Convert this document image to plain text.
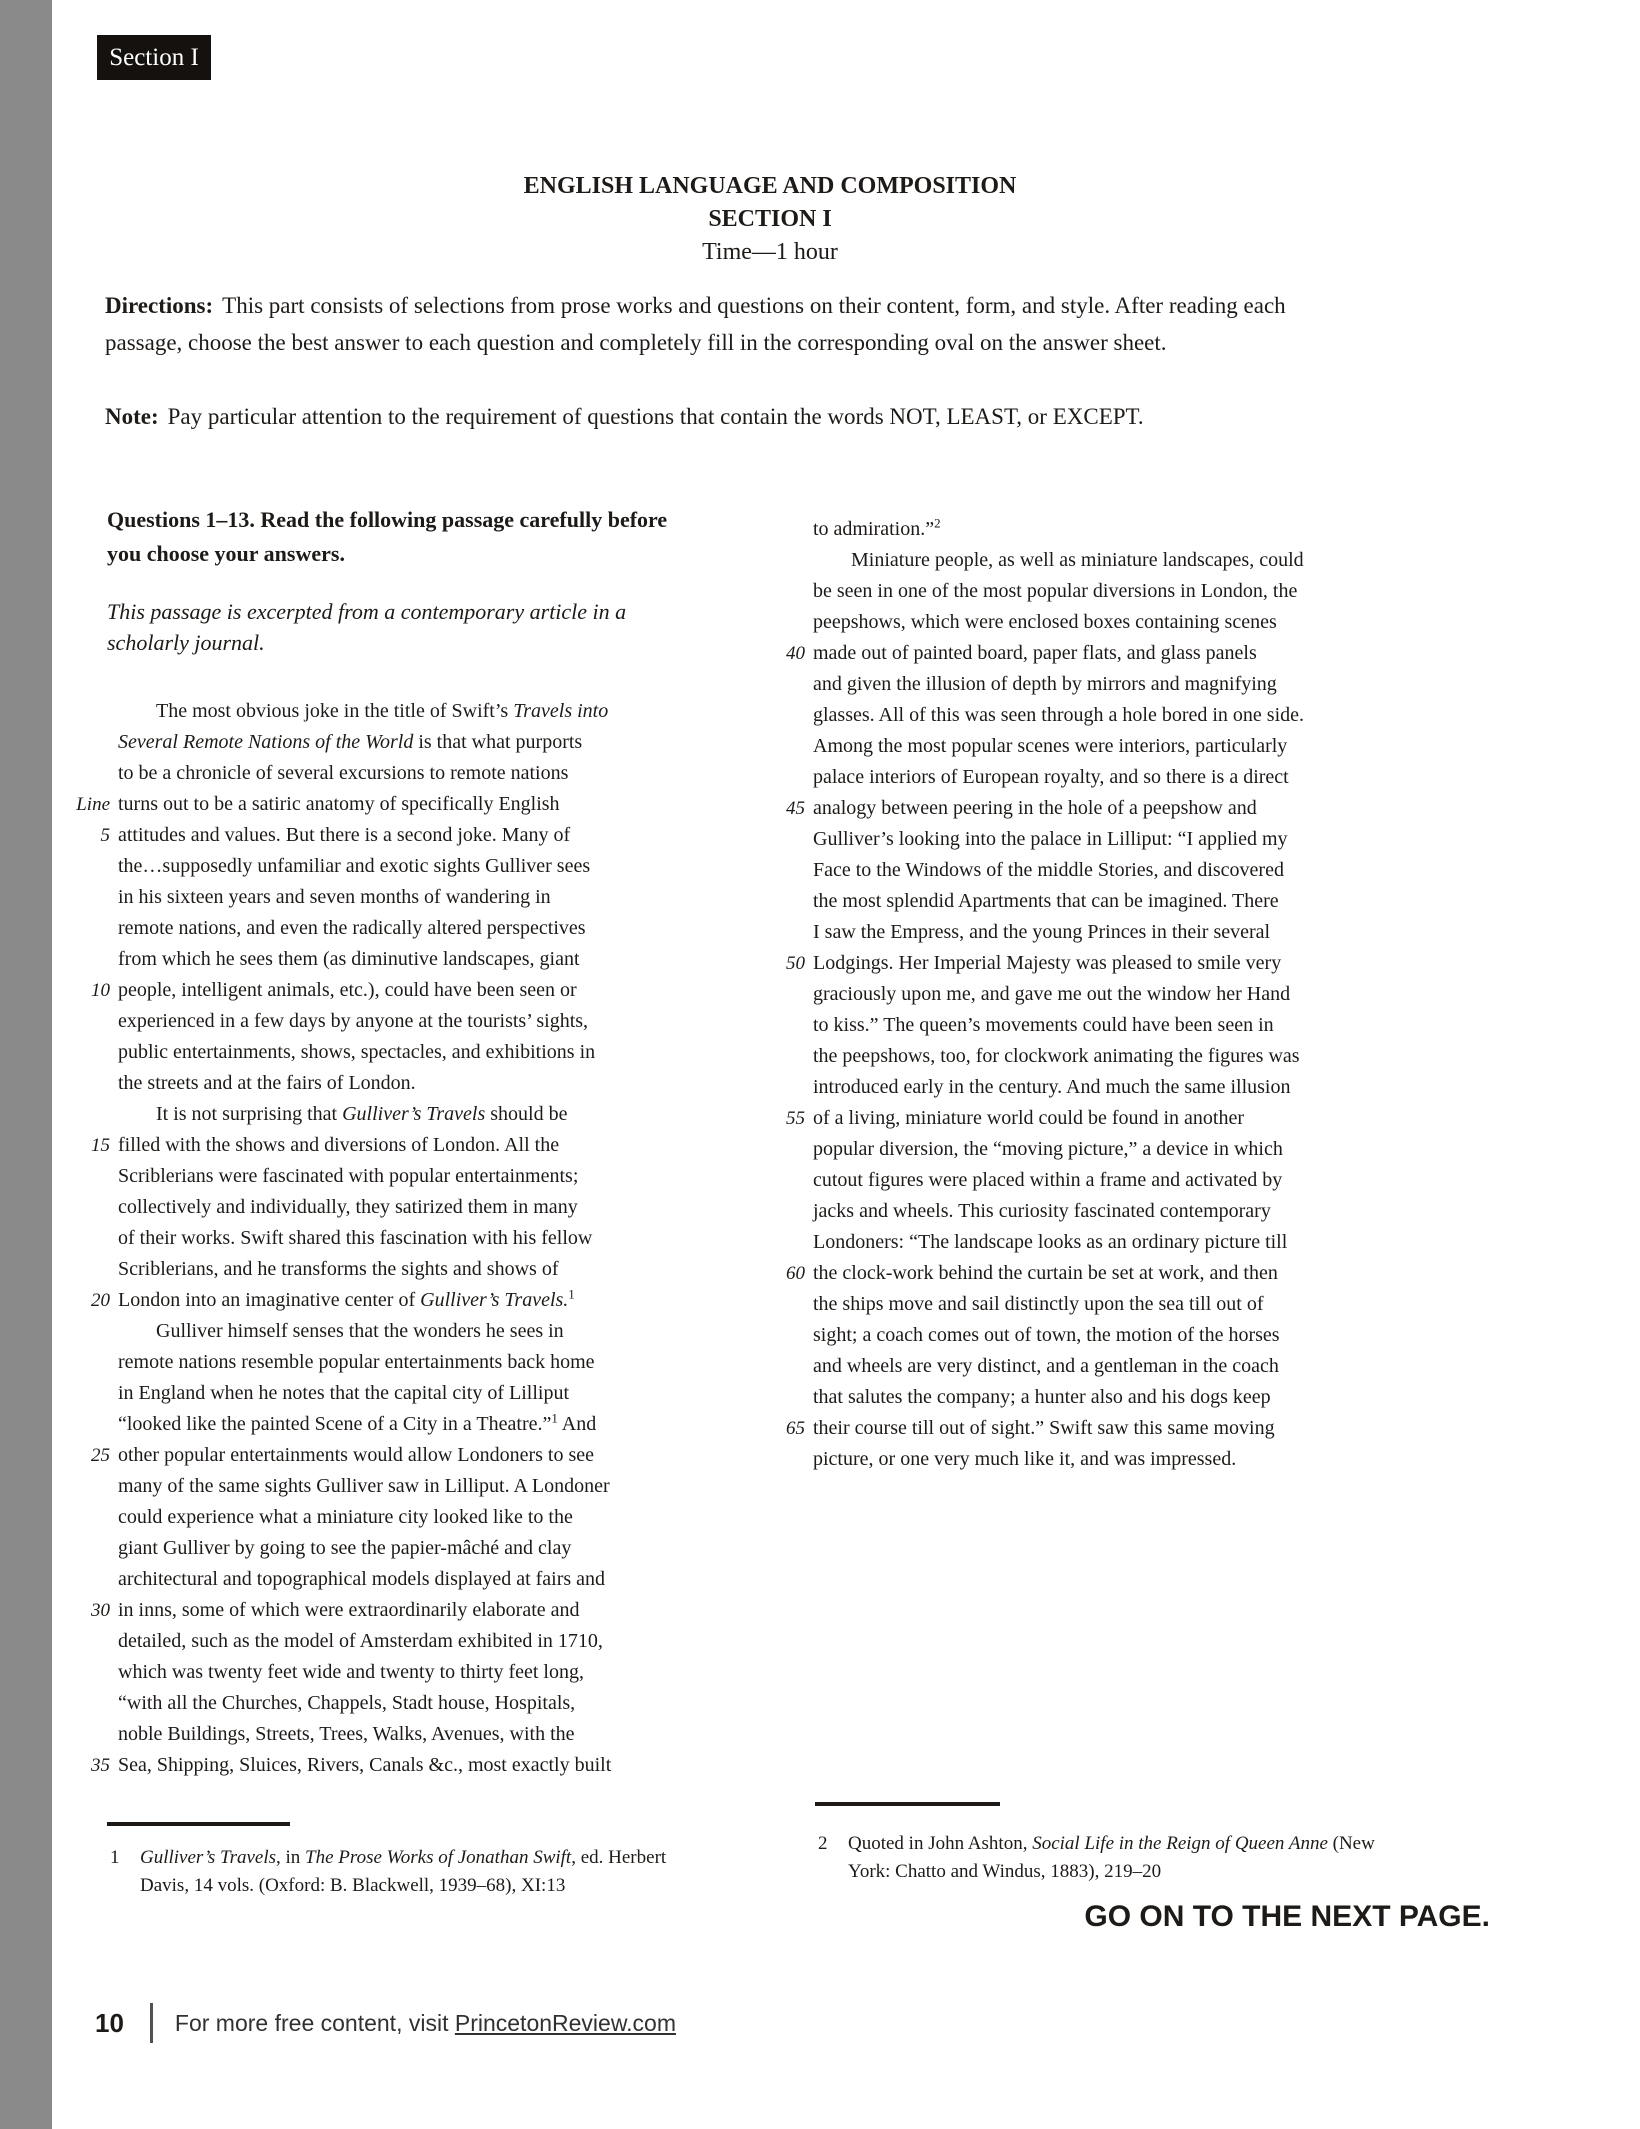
Section I
ENGLISH LANGUAGE AND COMPOSITION
SECTION I
Time—1 hour
Directions: This part consists of selections from prose works and questions on their content, form, and style. After reading each
passage, choose the best answer to each question and completely fill in the corresponding oval on the answer sheet.
Note: Pay particular attention to the requirement of questions that contain the words NOT, LEAST, or EXCEPT.
Questions 1–13. Read the following passage carefully before
you choose your answers.
This passage is excerpted from a contemporary article in a
scholarly journal.
The most obvious joke in the title of Swift’s Travels into
Several Remote Nations of the World is that what purports
to be a chronicle of several excursions to remote nations
Line turns out to be a satiric anatomy of specifically English
5 attitudes and values. But there is a second joke. Many of
the…supposedly unfamiliar and exotic sights Gulliver sees
in his sixteen years and seven months of wandering in
remote nations, and even the radically altered perspectives
from which he sees them (as diminutive landscapes, giant
10 people, intelligent animals, etc.), could have been seen or
experienced in a few days by anyone at the tourists’ sights,
public entertainments, shows, spectacles, and exhibitions in
the streets and at the fairs of London.
It is not surprising that Gulliver’s Travels should be
15 filled with the shows and diversions of London. All the
Scriblerians were fascinated with popular entertainments;
collectively and individually, they satirized them in many
of their works. Swift shared this fascination with his fellow
Scriblerians, and he transforms the sights and shows of
20 London into an imaginative center of Gulliver’s Travels.$^1$
Gulliver himself senses that the wonders he sees in
remote nations resemble popular entertainments back home
in England when he notes that the capital city of Lilliput
“looked like the painted Scene of a City in a Theatre.”$^1$ And
25 other popular entertainments would allow Londoners to see
many of the same sights Gulliver saw in Lilliput. A Londoner
could experience what a miniature city looked like to the
giant Gulliver by going to see the papier-mâché and clay
architectural and topographical models displayed at fairs and
30 in inns, some of which were extraordinarily elaborate and
detailed, such as the model of Amsterdam exhibited in 1710,
which was twenty feet wide and twenty to thirty feet long,
“with all the Churches, Chappels, Stadt house, Hospitals,
noble Buildings, Streets, Trees, Walks, Avenues, with the
35 Sea, Shipping, Sluices, Rivers, Canals &c., most exactly built
to admiration.”$^2$
Miniature people, as well as miniature landscapes, could
be seen in one of the most popular diversions in London, the
peepshows, which were enclosed boxes containing scenes
40 made out of painted board, paper flats, and glass panels
and given the illusion of depth by mirrors and magnifying
glasses. All of this was seen through a hole bored in one side.
Among the most popular scenes were interiors, particularly
palace interiors of European royalty, and so there is a direct
45 analogy between peering in the hole of a peepshow and
Gulliver’s looking into the palace in Lilliput: “I applied my
Face to the Windows of the middle Stories, and discovered
the most splendid Apartments that can be imagined. There
I saw the Empress, and the young Princes in their several
50 Lodgings. Her Imperial Majesty was pleased to smile very
graciously upon me, and gave me out the window her Hand
to kiss.” The queen’s movements could have been seen in
the peepshows, too, for clockwork animating the figures was
introduced early in the century. And much the same illusion
55 of a living, miniature world could be found in another
popular diversion, the “moving picture,” a device in which
cutout figures were placed within a frame and activated by
jacks and wheels. This curiosity fascinated contemporary
Londoners: “The landscape looks as an ordinary picture till
60 the clock-work behind the curtain be set at work, and then
the ships move and sail distinctly upon the sea till out of
sight; a coach comes out of town, the motion of the horses
and wheels are very distinct, and a gentleman in the coach
that salutes the company; a hunter also and his dogs keep
65 their course till out of sight.” Swift saw this same moving
picture, or one very much like it, and was impressed.
1	Gulliver’s Travels, in The Prose Works of Jonathan Swift, ed. Herbert
Davis, 14 vols. (Oxford: B. Blackwell, 1939–68), XI:13
2	Quoted in John Ashton, Social Life in the Reign of Queen Anne (New
York: Chatto and Windus, 1883), 219–20
GO ON TO THE NEXT PAGE.
10 For more free content, visit PrincetonReview.com
